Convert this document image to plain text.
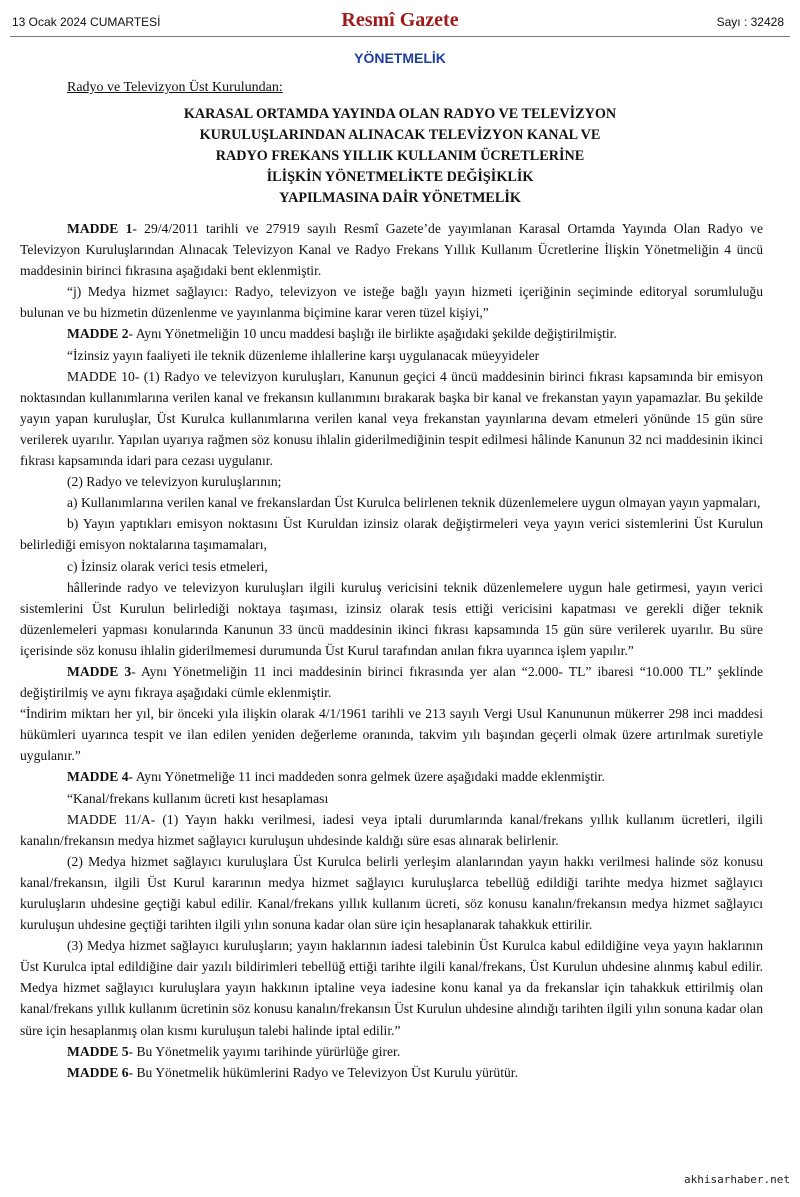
13 Ocak 2024 CUMARTESİ	Resmî Gazete	Sayı : 32428
YÖNETMELİK
Radyo ve Televizyon Üst Kurulundan:
KARASAL ORTAMDA YAYINDA OLAN RADYO VE TELEVİZYON
KURULUŞLARINDAN ALINACAK TELEVİZYON KANAL VE
RADYO FREKANS YILLIK KULLANIM ÜCRETLERİNE
İLİŞKİN YÖNETMELİKTE DEĞİŞİKLİK
YAPILMASINA DAİR YÖNETMELİK

MADDE 1- 29/4/2011 tarihli ve 27919 sayılı Resmî Gazete’de yayımlanan Karasal Ortamda Yayında Olan Radyo ve Televizyon Kuruluşlarından Alınacak Televizyon Kanal ve Radyo Frekans Yıllık Kullanım Ücretlerine İlişkin Yönetmeliğin 4 üncü maddesinin birinci fıkrasına aşağıdaki bent eklenmiştir.

“j) Medya hizmet sağlayıcı: Radyo, televizyon ve isteğe bağlı yayın hizmeti içeriğinin seçiminde editoryal sorumluluğu bulunan ve bu hizmetin düzenlenme ve yayınlanma biçimine karar veren tüzel kişiyi,”

MADDE 2- Aynı Yönetmeliğin 10 uncu maddesi başlığı ile birlikte aşağıdaki şekilde değiştirilmiştir.

“İzinsiz yayın faaliyeti ile teknik düzenleme ihlallerine karşı uygulanacak müeyyideler

MADDE 10- (1) Radyo ve televizyon kuruluşları, Kanunun geçici 4 üncü maddesinin birinci fıkrası kapsamında bir emisyon noktasından kullanımlarına verilen kanal ve frekansın kullanımını bırakarak başka bir kanal ve frekanstan yayın yapamazlar. Bu şekilde yayın yapan kuruluşlar, Üst Kurulca kullanımlarına verilen kanal veya frekanstan yayınlarına devam etmeleri yönünde 15 gün süre verilerek uyarılır. Yapılan uyarıya rağmen söz konusu ihlalin giderilmediğinin tespit edilmesi hâlinde Kanunun 32 nci maddesinin ikinci fıkrası kapsamında idari para cezası uygulanır.

(2) Radyo ve televizyon kuruluşlarının;

a) Kullanımlarına verilen kanal ve frekanslardan Üst Kurulca belirlenen teknik düzenlemelere uygun olmayan yayın yapmaları,

b) Yayın yaptıkları emisyon noktasını Üst Kuruldan izinsiz olarak değiştirmeleri veya yayın verici sistemlerini Üst Kurulun belirlediği emisyon noktalarına taşımamaları,

c) İzinsiz olarak verici tesis etmeleri,

hâllerinde radyo ve televizyon kuruluşları ilgili kuruluş vericisini teknik düzenlemelere uygun hale getirmesi, yayın verici sistemlerini Üst Kurulun belirlediği noktaya taşıması, izinsiz olarak tesis ettiği vericisini kapatması ve gerekli diğer teknik düzenlemeleri yapması konularında Kanunun 33 üncü maddesinin ikinci fıkrası kapsamında 15 gün süre verilerek uyarılır. Bu süre içerisinde söz konusu ihlalin giderilmemesi durumunda Üst Kurul tarafından anılan fıkra uyarınca işlem yapılır.”

MADDE 3- Aynı Yönetmeliğin 11 inci maddesinin birinci fıkrasında yer alan “2.000- TL” ibaresi “10.000 TL” şeklinde değiştirilmiş ve aynı fıkraya aşağıdaki cümle eklenmiştir.

“İndirim miktarı her yıl, bir önceki yıla ilişkin olarak 4/1/1961 tarihli ve 213 sayılı Vergi Usul Kanununun mükerrer 298 inci maddesi hükümleri uyarınca tespit ve ilan edilen yeniden değerleme oranında, takvim yılı başından geçerli olmak üzere artırılmak suretiyle uygulanır.”

MADDE 4- Aynı Yönetmeliğe 11 inci maddeden sonra gelmek üzere aşağıdaki madde eklenmiştir.

“Kanal/frekans kullanım ücreti kıst hesaplaması

MADDE 11/A- (1) Yayın hakkı verilmesi, iadesi veya iptali durumlarında kanal/frekans yıllık kullanım ücretleri, ilgili kanalın/frekansın medya hizmet sağlayıcı kuruluşun uhdesinde kaldığı süre esas alınarak belirlenir.

(2) Medya hizmet sağlayıcı kuruluşlara Üst Kurulca belirli yerleşim alanlarından yayın hakkı verilmesi halinde söz konusu kanal/frekansın, ilgili Üst Kurul kararının medya hizmet sağlayıcı kuruluşlarca tebellüğ edildiği tarihte medya hizmet sağlayıcı kuruluşların uhdesine geçtiği kabul edilir. Kanal/frekans yıllık kullanım ücreti, söz konusu kanalın/frekansın medya hizmet sağlayıcı kuruluşun uhdesine geçtiği tarihten ilgili yılın sonuna kadar olan süre için hesaplanarak tahakkuk ettirilir.

(3) Medya hizmet sağlayıcı kuruluşların; yayın haklarının iadesi talebinin Üst Kurulca kabul edildiğine veya yayın haklarının Üst Kurulca iptal edildiğine dair yazılı bildirimleri tebellüğ ettiği tarihte ilgili kanal/frekans, Üst Kurulun uhdesine alınmış kabul edilir. Medya hizmet sağlayıcı kuruluşlara yayın hakkının iptaline veya iadesine konu kanal ya da frekanslar için tahakkuk ettirilmiş olan kanal/frekans yıllık kullanım ücretinin söz konusu kanalın/frekansın Üst Kurulun uhdesine alındığı tarihten ilgili yılın sonuna kadar olan süre için hesaplanmış olan kısmı kuruluşun talebi halinde iptal edilir.”

MADDE 5- Bu Yönetmelik yayımı tarihinde yürürlüğe girer.

MADDE 6- Bu Yönetmelik hükümlerini Radyo ve Televizyon Üst Kurulu yürütür.

akhisarhaber.net
